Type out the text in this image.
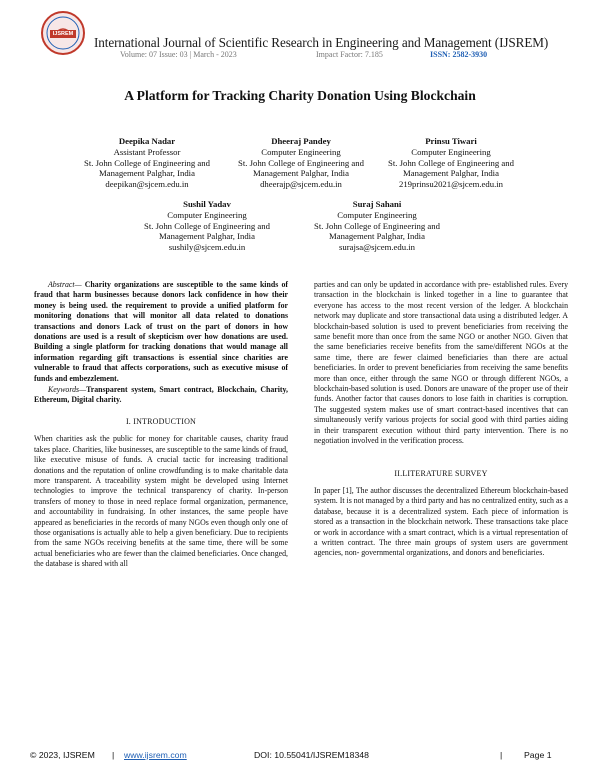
IJSREM
International Journal of Scientific Research in Engineering and Management (IJSREM)
Volume: 07 Issue: 03 | March - 2023	Impact Factor: 7.185	ISSN: 2582-3930
A Platform for Tracking Charity Donation Using Blockchain
Deepika Nadar
Assistant Professor
St. John College of Engineering and
Management Palghar, India
deepikan@sjcem.edu.in
Dheeraj Pandey
Computer Engineering
St. John College of Engineering and
Management Palghar, India
dheerajp@sjcem.edu.in
Prinsu Tiwari
Computer Engineering
St. John College of Engineering and
Management Palghar, India
219prinsu2021@sjcem.edu.in
Sushil Yadav
Computer Engineering
St. John College of Engineering and
Management Palghar, India
sushily@sjcem.edu.in
Suraj Sahani
Computer Engineering
St. John College of Engineering and
Management Palghar, India
surajsa@sjcem.edu.in
Abstract— Charity organizations are susceptible to the same kinds of fraud that harm businesses because donors lack confidence in how their money is being used. the requirement to provide a unified platform for monitoring donations that will monitor all data related to donations transactions and donors Lack of trust on the part of donors in how donations are used is a result of skepticism over how donations are used. Building a single platform for tracking donations that would manage all information regarding gift transactions is essential since charities are vulnerable to fraud that affects corporations, such as executive misuse of funds and embezzlement.
Keywords—Transparent system, Smart contract, Blockchain, Charity, Ethereum, Digital charity.
I. INTRODUCTION
When charities ask the public for money for charitable causes, charity fraud takes place. Charities, like businesses, are susceptible to the same kinds of fraud, like executive misuse of funds. A crucial tactic for increasing traditional donations and the reputation of online crowdfunding is to make charitable data more transparent. A traceability system might be developed using Internet technologies to improve the technical transparency of charity. In-person transfers of money to those in need replace formal organization, permanence, and accountability in fundraising. In other instances, the same people have appeared as beneficiaries in the records of many NGOs even though only one of those organisations is actually able to help a given beneficiary. Due to recipients from the same NGOs receiving benefits at the same time, there will be some actual beneficiaries who are fewer than the claimed beneficiaries. Once changed, the database is shared with all
parties and can only be updated in accordance with pre- established rules. Every transaction in the blockchain is linked together in a line to guarantee that everyone has access to the most recent version of the ledger. A blockchain network may duplicate and store transactional data using a distributed ledger. A blockchain-based solution is used to prevent beneficiaries from receiving the same benefit more than once from the same NGO or another NGO. Given that the same beneficiaries receive benefits from the same/different NGOs at the same time, there are fewer claimed beneficiaries than there are actual beneficiaries. In order to prevent beneficiaries from receiving the same benefits more than once, either through the same NGO or through different NGOs, a blockchain-based solution is used. Donors are unaware of the proper use of their funds. Another factor that causes donors to lose faith in charities is corruption. The suggested system makes use of smart contract-based incentives that can simultaneously verify various projects for social good with third parties aiding in their transparent execution without third party intervention. There is no negotiation involved in the verification process.
II.LITERATURE SURVEY
In paper [1], The author discusses the decentralized Ethereum blockchain-based system. It is not managed by a third party and has no centralized entity, such as a database, because it is a decentralized system. Each piece of information is stored as a transaction in the blockchain network. These transactions take place or work in accordance with a smart contract, which is a virtual representation of a written contract. The three main groups of system users are government agencies, non- governmental organizations, and donors and beneficiaries.
© 2023, IJSREM | www.ijsrem.com	DOI: 10.55041/IJSREM18348	| Page 1
